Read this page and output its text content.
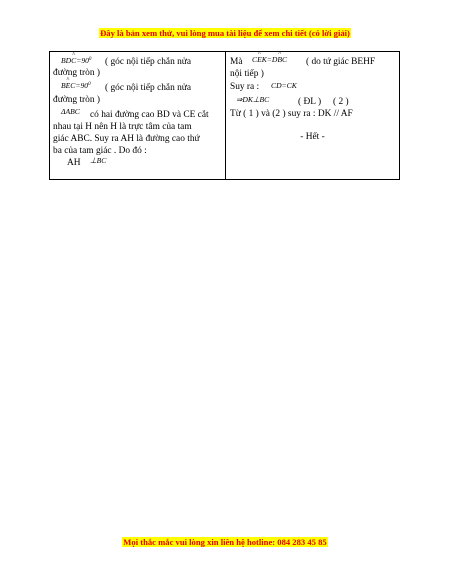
Đây là bản xem thử, vui lòng mua tài liệu để xem chi tiết (có lời giải)
BD^ $C=90^0$ ( góc nội tiếp chắn nửa
đường tròn )
B^ $EC=90^0$ ( góc nội tiếp chắn nửa
đường tròn )
ΔABC có hai đường cao BD và CE cắt
nhau tại H nên H là trực tâm của tam
giác ABC. Suy ra AH là đường cao thứ
ba của tam giác . Do đó :
AH ⊥BC
Mà C^ EK=D^ BC ( do tứ giác BEHF
nội tiếp )
Suy ra : CD=CK
⇒DK⊥BC	( ĐL ) ( 2 )
Từ ( 1 ) và (2 ) suy ra : DK // AF
- Hết -
Mọi thắc mắc vui lòng xin liên hệ hotline: 084 283 45 85
